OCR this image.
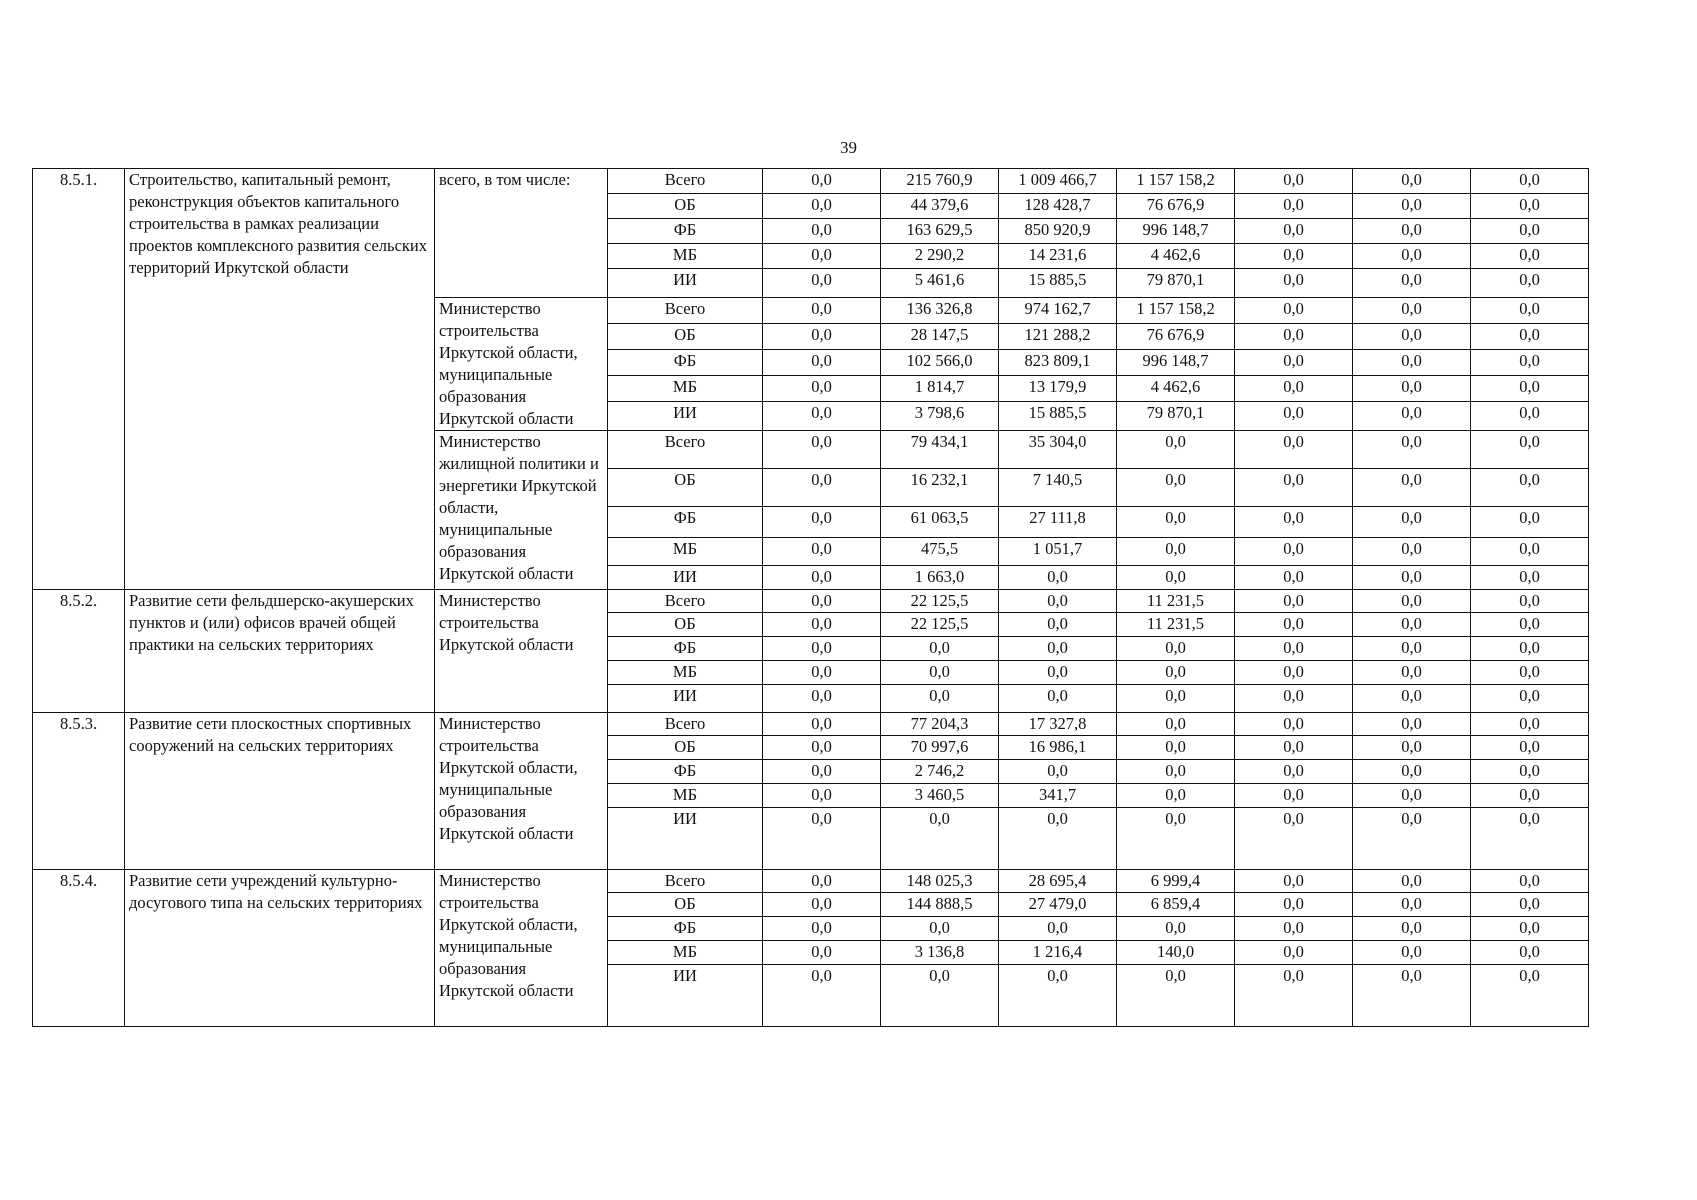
39
8.5.1.	Строительство, капитальный ремонт, реконструкция объектов капитального строительства в рамках реализации проектов комплексного развития сельских территорий Иркутской области	всего, в том числе:	Всего	0,0	215 760,9	1 009 466,7	1 157 158,2	0,0	0,0	0,0
			ОБ	0,0	44 379,6	128 428,7	76 676,9	0,0	0,0	0,0
			ФБ	0,0	163 629,5	850 920,9	996 148,7	0,0	0,0	0,0
			МБ	0,0	2 290,2	14 231,6	4 462,6	0,0	0,0	0,0
			ИИ	0,0	5 461,6	15 885,5	79 870,1	0,0	0,0	0,0
		Министерство строительства Иркутской области, муниципальные образования Иркутской области	Всего	0,0	136 326,8	974 162,7	1 157 158,2	0,0	0,0	0,0
			ОБ	0,0	28 147,5	121 288,2	76 676,9	0,0	0,0	0,0
			ФБ	0,0	102 566,0	823 809,1	996 148,7	0,0	0,0	0,0
			МБ	0,0	1 814,7	13 179,9	4 462,6	0,0	0,0	0,0
			ИИ	0,0	3 798,6	15 885,5	79 870,1	0,0	0,0	0,0
		Министерство жилищной политики и энергетики Иркутской области, муниципальные образования Иркутской области	Всего	0,0	79 434,1	35 304,0	0,0	0,0	0,0	0,0
			ОБ	0,0	16 232,1	7 140,5	0,0	0,0	0,0	0,0
			ФБ	0,0	61 063,5	27 111,8	0,0	0,0	0,0	0,0
			МБ	0,0	475,5	1 051,7	0,0	0,0	0,0	0,0
			ИИ	0,0	1 663,0	0,0	0,0	0,0	0,0	0,0
8.5.2.	Развитие сети фельдшерско-акушерских пунктов и (или) офисов врачей общей практики на сельских территориях	Министерство строительства Иркутской области	Всего	0,0	22 125,5	0,0	11 231,5	0,0	0,0	0,0
			ОБ	0,0	22 125,5	0,0	11 231,5	0,0	0,0	0,0
			ФБ	0,0	0,0	0,0	0,0	0,0	0,0	0,0
			МБ	0,0	0,0	0,0	0,0	0,0	0,0	0,0
			ИИ	0,0	0,0	0,0	0,0	0,0	0,0	0,0
8.5.3.	Развитие сети плоскостных спортивных сооружений на сельских территориях	Министерство строительства Иркутской области, муниципальные образования Иркутской области	Всего	0,0	77 204,3	17 327,8	0,0	0,0	0,0	0,0
			ОБ	0,0	70 997,6	16 986,1	0,0	0,0	0,0	0,0
			ФБ	0,0	2 746,2	0,0	0,0	0,0	0,0	0,0
			МБ	0,0	3 460,5	341,7	0,0	0,0	0,0	0,0
			ИИ	0,0	0,0	0,0	0,0	0,0	0,0	0,0
8.5.4.	Развитие сети учреждений культурно-досугового типа на сельских территориях	Министерство строительства Иркутской области, муниципальные образования Иркутской области	Всего	0,0	148 025,3	28 695,4	6 999,4	0,0	0,0	0,0
			ОБ	0,0	144 888,5	27 479,0	6 859,4	0,0	0,0	0,0
			ФБ	0,0	0,0	0,0	0,0	0,0	0,0	0,0
			МБ	0,0	3 136,8	1 216,4	140,0	0,0	0,0	0,0
			ИИ	0,0	0,0	0,0	0,0	0,0	0,0	0,0
